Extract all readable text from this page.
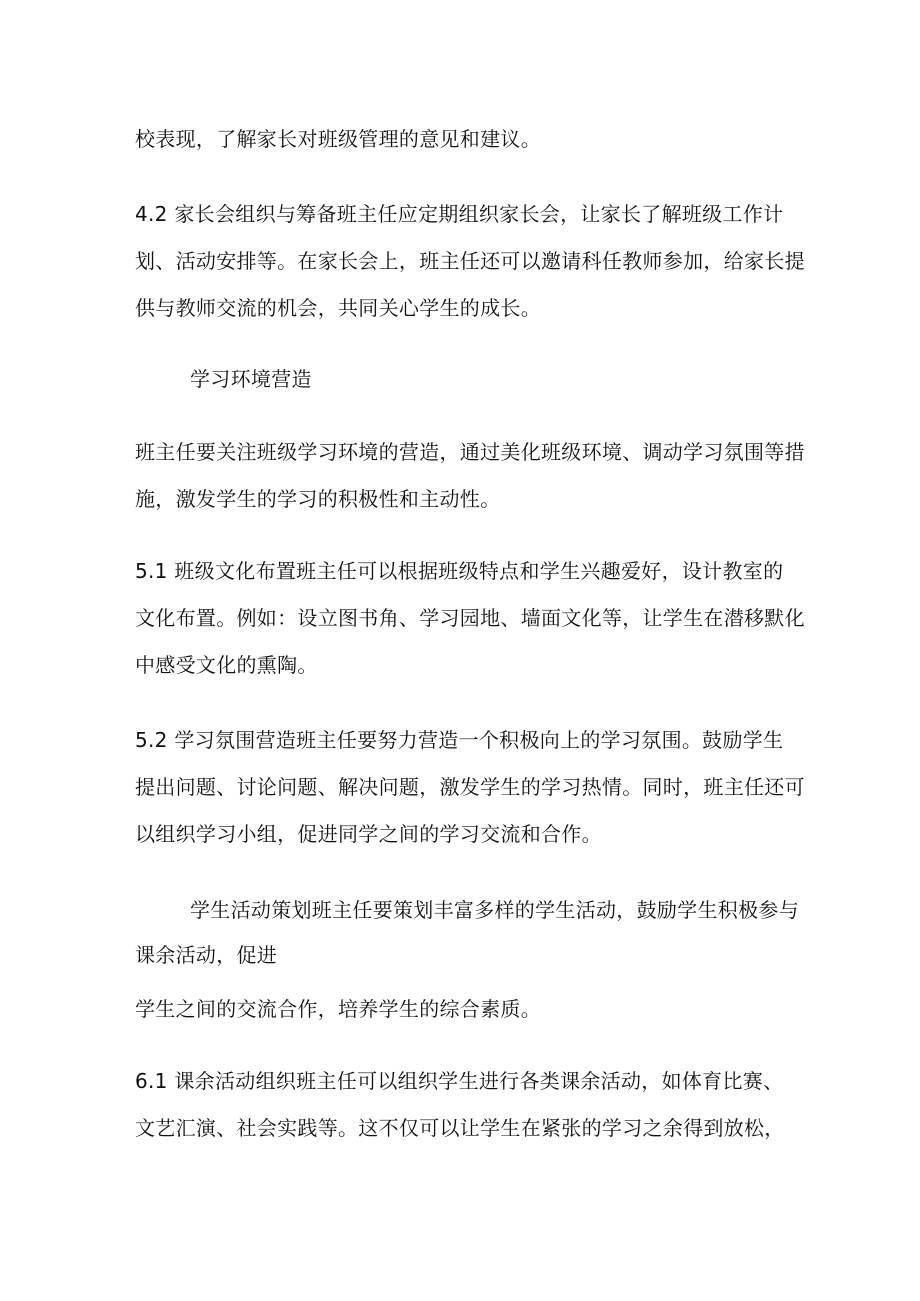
校表现，了解家长对班级管理的意见和建议。
4.2 家长会组织与筹备班主任应定期组织家长会，让家长了解班级工作计
划、活动安排等。在家长会上，班主任还可以邀请科任教师参加，给家长提
供与教师交流的机会，共同关心学生的成长。
学习环境营造
班主任要关注班级学习环境的营造，通过美化班级环境、调动学习氛围等措
施，激发学生的学习的积极性和主动性。
5.1 班级文化布置班主任可以根据班级特点和学生兴趣爱好，设计教室的
文化布置。例如：设立图书角、学习园地、墙面文化等，让学生在潜移默化
中感受文化的熏陶。
5.2 学习氛围营造班主任要努力营造一个积极向上的学习氛围。鼓励学生
提出问题、讨论问题、解决问题，激发学生的学习热情。同时，班主任还可
以组织学习小组，促进同学之间的学习交流和合作。
学生活动策划班主任要策划丰富多样的学生活动，鼓励学生积极参与
课余活动，促进
学生之间的交流合作，培养学生的综合素质。
6.1 课余活动组织班主任可以组织学生进行各类课余活动，如体育比赛、
文艺汇演、社会实践等。这不仅可以让学生在紧张的学习之余得到放松，
